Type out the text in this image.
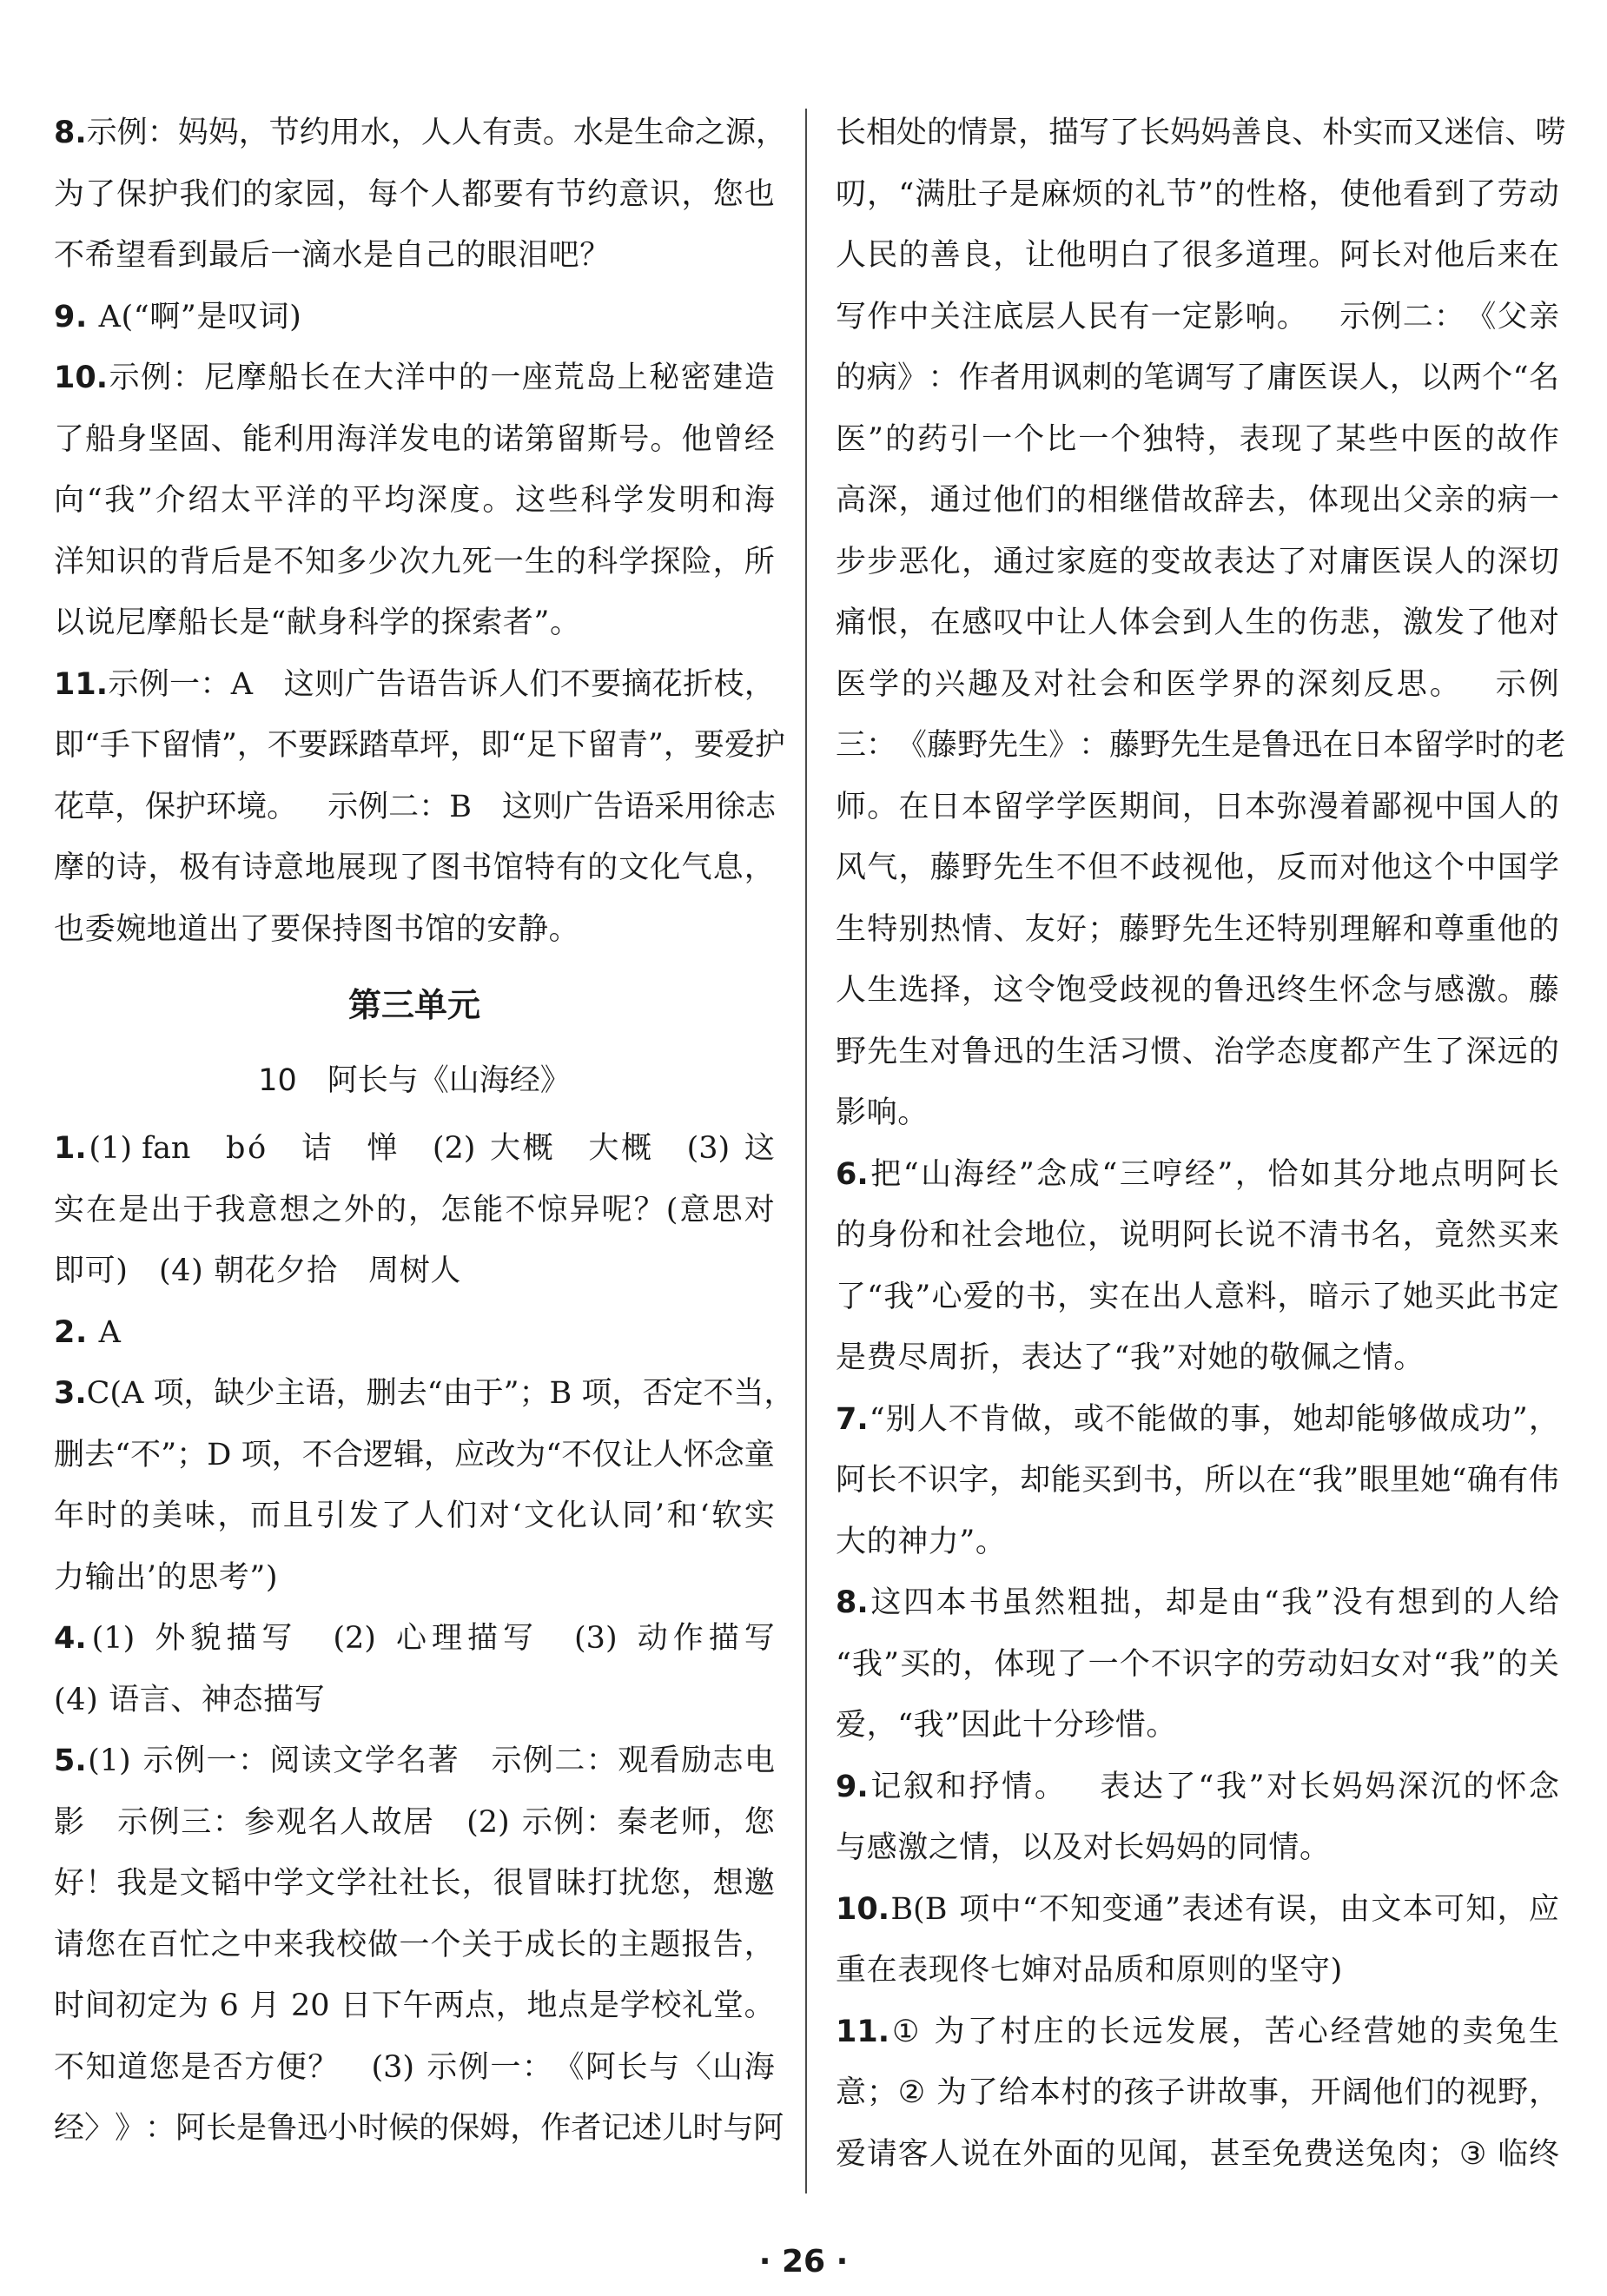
8. 示 例 ： 妈 妈 ， 节 约 用 水 ， 人 人 有 责 。 水 是 生 命 之 源 ，
为 了 保 护 我 们 的 家 园 ， 每 个 人 都 要 有 节 约 意 识 ， 您 也
不希望看到最后一滴水是自己的眼泪吧？
9. A(“啊”是叹词)
10. 示 例 ： 尼 摩 船 长 在 大 洋 中 的 一 座 荒 岛 上 秘 密 建 造
了 船 身 坚 固 、 能 利 用 海 洋 发 电 的 诺 第 留 斯 号 。 他 曾 经
向 “ 我 ” 介 绍 太 平 洋 的 平 均 深 度 。 这 些 科 学 发 明 和 海
洋 知 识 的 背 后 是 不 知 多 少 次 九 死 一 生 的 科 学 探 险 ， 所
以说尼摩船长是“献身科学的探索者”。
11. 示 例 一 ： A
　 这 则 广 告 语 告 诉 人 们 不 要 摘 花 折 枝 ，
即 “ 手 下 留 情 ” ， 不 要 踩 踏 草 坪 ， 即 “ 足 下 留 青 ” ， 要 爱 护
花 草 ， 保 护 环 境 。
　 示 例 二 ： B
　 这 则 广 告 语 采 用 徐 志
摩 的 诗 ， 极 有 诗 意 地 展 现 了 图 书 馆 特 有 的 文 化 气 息 ，
也委婉地道出了要保持图书馆的安静。
第三单元
10　阿长与《山海经》
1. (1) fan
　 b ó
　 诘
　 惮
　 (2)
大 概
　 大 概
　 (3)
这
实 在 是 出 于 我 意 想 之 外 的 ， 怎 能 不 惊 异 呢 ？ ( 意 思 对
即可)　(4) 朝花夕拾　周树人
2. A
3. C(A
项 ， 缺 少 主 语 ， 删 去 “ 由 于 ” ； B
项 ， 否 定 不 当 ，
删 去 “ 不 ” ； D
项 ， 不 合 逻 辑 ， 应 改 为 “ 不 仅 让 人 怀 念 童
年 时 的 美 味 ， 而 且 引 发 了 人 们 对 ‘ 文 化 认 同 ’ 和 ‘ 软 实
力输出’的思考”)
4. (1)
外 貌 描 写
　 (2)
心 理 描 写
　 (3)
动 作 描 写
(4) 语言、神态描写
5. (1)
示 例 一 ： 阅 读 文 学 名 著
　 示 例 二 ： 观 看 励 志 电
影
　 示 例 三 ： 参 观 名 人 故 居
　 (2)
示 例 ： 秦 老 师 ， 您
好 ！ 我 是 文 韬 中 学 文 学 社 社 长 ， 很 冒 昧 打 扰 您 ， 想 邀
请 您 在 百 忙 之 中 来 我 校 做 一 个 关 于 成 长 的 主 题 报 告 ，
时 间 初 定 为
6
月
20
日 下 午 两 点 ， 地 点 是 学 校 礼 堂 。
不 知 道 您 是 否 方 便 ？
　 (3)
示 例 一 ： 《 阿 长 与 〈 山 海
经 〉 》 ： 阿 长 是 鲁 迅 小 时 候 的 保 姆 ， 作 者 记 述 儿 时 与 阿
长 相 处 的 情 景 ， 描 写 了 长 妈 妈 善 良 、 朴 实 而 又 迷 信 、 唠
叨 ， “ 满 肚 子 是 麻 烦 的 礼 节 ” 的 性 格 ， 使 他 看 到 了 劳 动
人 民 的 善 良 ， 让 他 明 白 了 很 多 道 理 。 阿 长 对 他 后 来 在
写 作 中 关 注 底 层 人 民 有 一 定 影 响 。
　 示 例 二 ： 《 父 亲
的 病 》 ： 作 者 用 讽 刺 的 笔 调 写 了 庸 医 误 人 ， 以 两 个 “ 名
医 ” 的 药 引 一 个 比 一 个 独 特 ， 表 现 了 某 些 中 医 的 故 作
高 深 ， 通 过 他 们 的 相 继 借 故 辞 去 ， 体 现 出 父 亲 的 病 一
步 步 恶 化 ， 通 过 家 庭 的 变 故 表 达 了 对 庸 医 误 人 的 深 切
痛 恨 ， 在 感 叹 中 让 人 体 会 到 人 生 的 伤 悲 ， 激 发 了 他 对
医 学 的 兴 趣 及 对 社 会 和 医 学 界 的 深 刻 反 思 。
　 示 例
三 ： 《 藤 野 先 生 》 ： 藤 野 先 生 是 鲁 迅 在 日 本 留 学 时 的 老
师 。 在 日 本 留 学 学 医 期 间 ， 日 本 弥 漫 着 鄙 视 中 国 人 的
风 气 ， 藤 野 先 生 不 但 不 歧 视 他 ， 反 而 对 他 这 个 中 国 学
生 特 别 热 情 、 友 好 ； 藤 野 先 生 还 特 别 理 解 和 尊 重 他 的
人 生 选 择 ， 这 令 饱 受 歧 视 的 鲁 迅 终 生 怀 念 与 感 激 。 藤
野 先 生 对 鲁 迅 的 生 活 习 惯 、 治 学 态 度 都 产 生 了 深 远 的
影响。
6. 把 “ 山 海 经 ” 念 成 “ 三 哼 经 ” ， 恰 如 其 分 地 点 明 阿 长
的 身 份 和 社 会 地 位 ， 说 明 阿 长 说 不 清 书 名 ， 竟 然 买 来
了 “ 我 ” 心 爱 的 书 ， 实 在 出 人 意 料 ， 暗 示 了 她 买 此 书 定
是费尽周折，表达了“我”对她的敬佩之情。
7. “ 别 人 不 肯 做 ， 或 不 能 做 的 事 ， 她 却 能 够 做 成 功 ” ，
阿 长 不 识 字 ， 却 能 买 到 书 ， 所 以 在 “ 我 ” 眼 里 她 “ 确 有 伟
大的神力”。
8. 这 四 本 书 虽 然 粗 拙 ， 却 是 由 “ 我 ” 没 有 想 到 的 人 给
“ 我 ” 买 的 ， 体 现 了 一 个 不 识 字 的 劳 动 妇 女 对 “ 我 ” 的 关
爱，“我”因此十分珍惜。
9. 记 叙 和 抒 情 。
　 表 达 了 “ 我 ” 对 长 妈 妈 深 沉 的 怀 念
与感激之情，以及对长妈妈的同情。
10. B(B
项 中 “ 不 知 变 通 ” 表 述 有 误 ， 由 文 本 可 知 ， 应
重在表现佟七婶对品质和原则的坚守)
11. ①
为 了 村 庄 的 长 远 发 展 ， 苦 心 经 营 她 的 卖 兔 生
意 ； ②
为 了 给 本 村 的 孩 子 讲 故 事 ， 开 阔 他 们 的 视 野 ，
爱 请 客 人 说 在 外 面 的 见 闻 ， 甚 至 免 费 送 兔 肉 ； ③
临 终
· 26 ·
